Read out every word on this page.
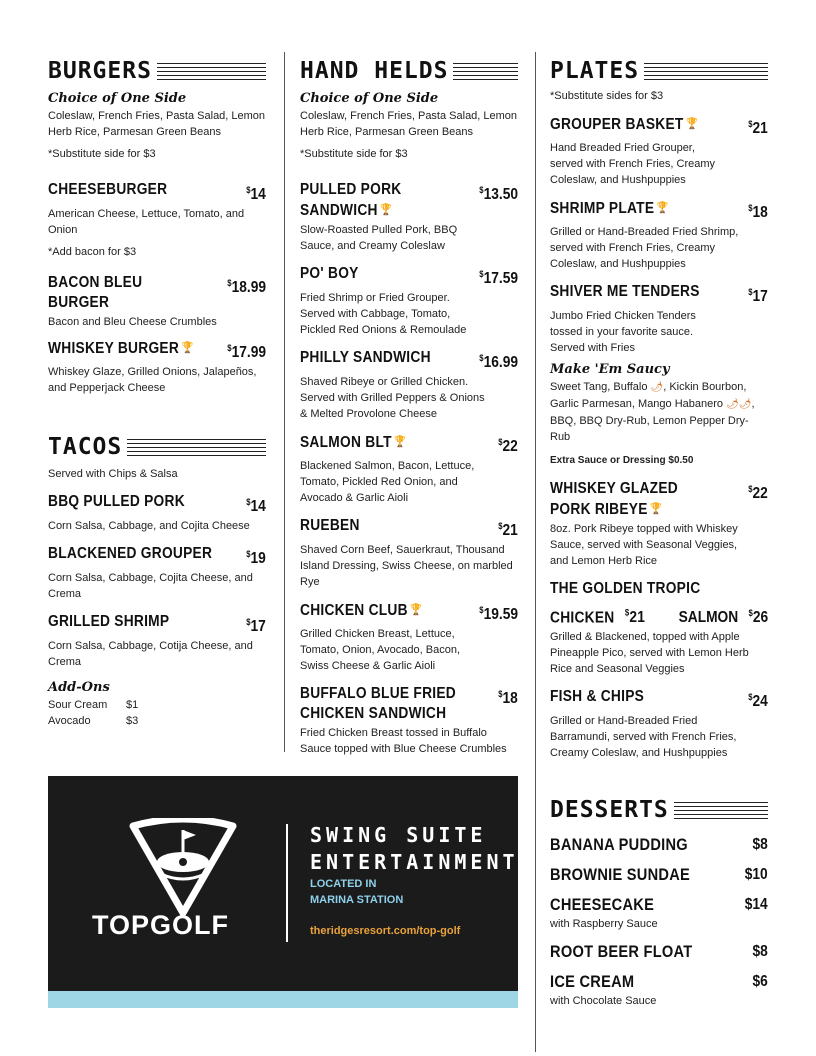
BURGERS
Choice of One Side

Coleslaw, French Fries, Pasta Salad, Lemon Herb Rice, Parmesan Green Beans

*Substitute side for $3

CHEESEBURGER	$14

American Cheese, Lettuce, Tomato, and Onion

*Add bacon for $3

BACON BLEU BURGER
$18.99

Bacon and Bleu Cheese Crumbles

WHISKEY BURGER 🏆	$17.99

Whiskey Glaze, Grilled Onions, Jalapeños, and Pepperjack Cheese

TACOS

Served with Chips & Salsa

BBQ PULLED PORK	$14

Corn Salsa, Cabbage, and Cojita Cheese

BLACKENED GROUPER	$19

Corn Salsa, Cabbage, Cojita Cheese, and Crema

GRILLED SHRIMP	$17

Corn Salsa, Cabbage, Cotija Cheese, and Crema

Add-Ons
Sour Cream	$1
Avocado	$3
HAND HELDS
Choice of One Side

Coleslaw, French Fries, Pasta Salad, Lemon Herb Rice, Parmesan Green Beans

*Substitute side for $3

PULLED PORK SANDWICH 🏆
$13.50

Slow-Roasted Pulled Pork, BBQ Sauce, and Creamy Coleslaw

PO' BOY	$17.59

Fried Shrimp or Fried Grouper. Served with Cabbage, Tomato, Pickled Red Onions & Remoulade

PHILLY SANDWICH	$16.99

Shaved Ribeye or Grilled Chicken. Served with Grilled Peppers & Onions & Melted Provolone Cheese

SALMON BLT 🏆	$22

Blackened Salmon, Bacon, Lettuce, Tomato, Pickled Red Onion, and Avocado & Garlic Aioli

RUEBEN	$21

Shaved Corn Beef, Sauerkraut, Thousand Island Dressing, Swiss Cheese, on marbled Rye

CHICKEN CLUB 🏆	$19.59

Grilled Chicken Breast, Lettuce, Tomato, Onion, Avocado, Bacon, Swiss Cheese & Garlic Aioli

BUFFALO BLUE FRIED CHICKEN SANDWICH
$18

Fried Chicken Breast tossed in Buffalo Sauce topped with Blue Cheese Crumbles

PLATES

*Substitute sides for $3

GROUPER BASKET 🏆	$21

Hand Breaded Fried Grouper, served with French Fries, Creamy Coleslaw, and Hushpuppies

SHRIMP PLATE 🏆	$18

Grilled or Hand-Breaded Fried Shrimp, served with French Fries, Creamy Coleslaw, and Hushpuppies

SHIVER ME TENDERS	$17

Jumbo Fried Chicken Tenders tossed in your favorite sauce. Served with Fries

Make 'Em Saucy

Sweet Tang, Buffalo 🌶, Kickin Bourbon, Garlic Parmesan, Mango Habanero 🌶🌶, BBQ, BBQ Dry-Rub, Lemon Pepper Dry-Rub

Extra Sauce or Dressing $0.50

WHISKEY GLAZED PORK RIBEYE 🏆
$22

8oz. Pork Ribeye topped with Whiskey Sauce, served with Seasonal Veggies, and Lemon Herb Rice

THE GOLDEN TROPIC
CHICKEN $21 SALMON $26

Grilled & Blackened, topped with Apple Pineapple Pico, served with Lemon Herb Rice and Seasonal Veggies

FISH & CHIPS	$24

Grilled or Hand-Breaded Fried Barramundi, served with French Fries, Creamy Coleslaw, and Hushpuppies

DESSERTS
BANANA PUDDING	$8
BROWNIE SUNDAE	$10
CHEESECAKE	$14

with Raspberry Sauce

ROOT BEER FLOAT	$8
ICE CREAM	$6

with Chocolate Sauce

TOPGOLF
SWING SUITE
ENTERTAINMENT
LOCATED IN
MARINA STATION
theridgesresort.com/top-golf
